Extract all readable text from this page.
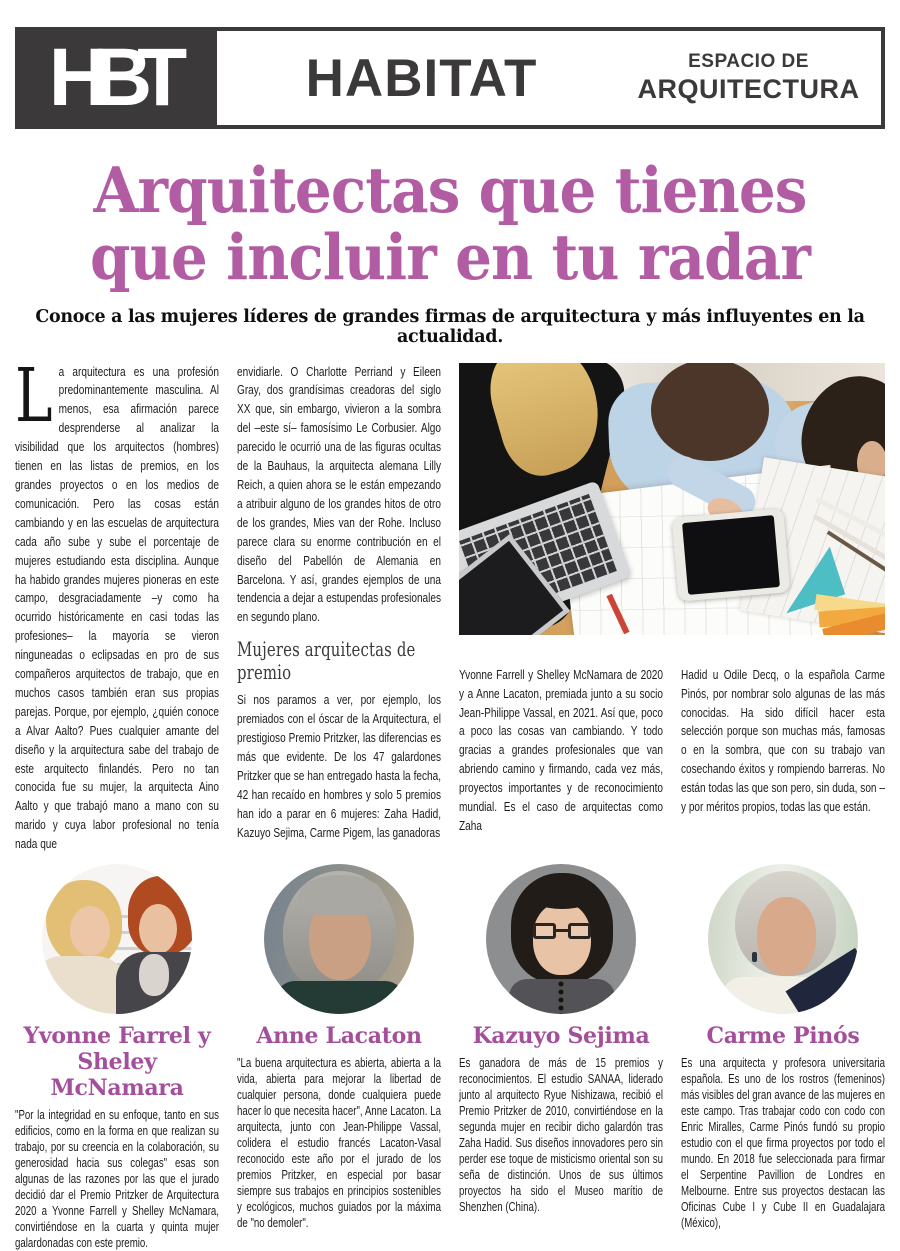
HBT	HABITAT	ESPACIO DE
ARQUITECTURA
Arquitectas que tienes
que incluir en tu radar

Conoce a las mujeres líderes de grandes firmas de arquitectura y más influyentes en la actualidad.

La arquitectura es una profesión predominantemente masculina. Al menos, esa afirmación parece desprenderse al analizar la visibilidad que los arquitectos (hombres) tienen en las listas de premios, en los grandes proyectos o en los medios de comunicación. Pero las cosas están cambiando y en las escuelas de arquitectura cada año sube y sube el porcentaje de mujeres estudiando esta disciplina. Aunque ha habido grandes mujeres pioneras en este campo, desgraciadamente –y como ha ocurrido históricamente en casi todas las profesiones– la mayoría se vieron ninguneadas o eclipsadas en pro de sus compañeros arquitectos de trabajo, que en muchos casos también eran sus propias parejas. Porque, por ejemplo, ¿quién conoce a Alvar Aalto? Pues cualquier amante del diseño y la arquitectura sabe del trabajo de este arquitecto finlandés. Pero no tan conocida fue su mujer, la arquitecta Aino Aalto y que trabajó mano a mano con su marido y cuya labor profesional no tenía nada que

envidiarle. O Charlotte Perriand y Eileen Gray, dos grandísimas creadoras del siglo XX que, sin embargo, vivieron a la sombra del –este sí– famosísimo Le Corbusier. Algo parecido le ocurrió una de las figuras ocultas de la Bauhaus, la arquitecta alemana Lilly Reich, a quien ahora se le están empezando a atribuir alguno de los grandes hitos de otro de los grandes, Mies van der Rohe. Incluso parece clara su enorme contribución en el diseño del Pabellón de Alemania en Barcelona. Y así, grandes ejemplos de una tendencia a dejar a estupendas profesionales en segundo plano.

Mujeres arquitectas de premio

Si nos paramos a ver, por ejemplo, los premiados con el óscar de la Arquitectura, el prestigioso Premio Pritzker, las diferencias es más que evidente. De los 47 galardones Pritzker que se han entregado hasta la fecha, 42 han recaído en hombres y solo 5 premios han ido a parar en 6 mujeres: Zaha Hadid, Kazuyo Sejima, Carme Pigem, las ganadoras

Yvonne Farrell y Shelley McNamara de 2020 y a Anne Lacaton, premiada junto a su socio Jean-Philippe Vassal, en 2021. Así que, poco a poco las cosas van cambiando. Y todo gracias a grandes profesionales que van abriendo camino y firmando, cada vez más, proyectos importantes y de reconocimiento mundial. Es el caso de arquitectas como Zaha

Hadid u Odile Decq, o la española Carme Pinós, por nombrar solo algunas de las más conocidas. Ha sido difícil hacer esta selección porque son muchas más, famosas o en la sombra, que con su trabajo van cosechando éxitos y rompiendo barreras. No están todas las que son pero, sin duda, son –y por méritos propios, todas las que están.

Yvonne Farrel y Sheley McNamara

"Por la integridad en su enfoque, tanto en sus edificios, como en la forma en que realizan su trabajo, por su creencia en la colaboración, su generosidad hacia sus colegas" esas son algunas de las razones por las que el jurado decidió dar el Premio Pritzker de Arquitectura 2020 a Yvonne Farrell y Shelley McNamara, convirtiéndose en la cuarta y quinta mujer galardonadas con este premio.

Anne Lacaton

"La buena arquitectura es abierta, abierta a la vida, abierta para mejorar la libertad de cualquier persona, donde cualquiera puede hacer lo que necesita hacer", Anne Lacaton. La arquitecta, junto con Jean-Philippe Vassal, colidera el estudio francés Lacaton-Vasal reconocido este año por el jurado de los premios Pritzker, en especial por basar siempre sus trabajos en principios sostenibles y ecológicos, muchos guiados por la máxima de "no demoler".

Kazuyo Sejima

Es ganadora de más de 15 premios y reconocimientos. El estudio SANAA, liderado junto al arquitecto Ryue Nishizawa, recibió el Premio Pritzker de 2010, convirtiéndose en la segunda mujer en recibir dicho galardón tras Zaha Hadid. Sus diseños innovadores pero sin perder ese toque de misticismo oriental son su seña de distinción. Unos de sus últimos proyectos ha sido el Museo marítio de Shenzhen (China).

Carme Pinós

Es una arquitecta y profesora universitaria española. Es uno de los rostros (femeninos) más visibles del gran avance de las mujeres en este campo. Tras trabajar codo con codo con Enric Miralles, Carme Pinós fundó su propio estudio con el que firma proyectos por todo el mundo. En 2018 fue seleccionada para firmar el Serpentine Pavillion de Londres en Melbourne. Entre sus proyectos destacan las Oficinas Cube I y Cube II en Guadalajara (México),
